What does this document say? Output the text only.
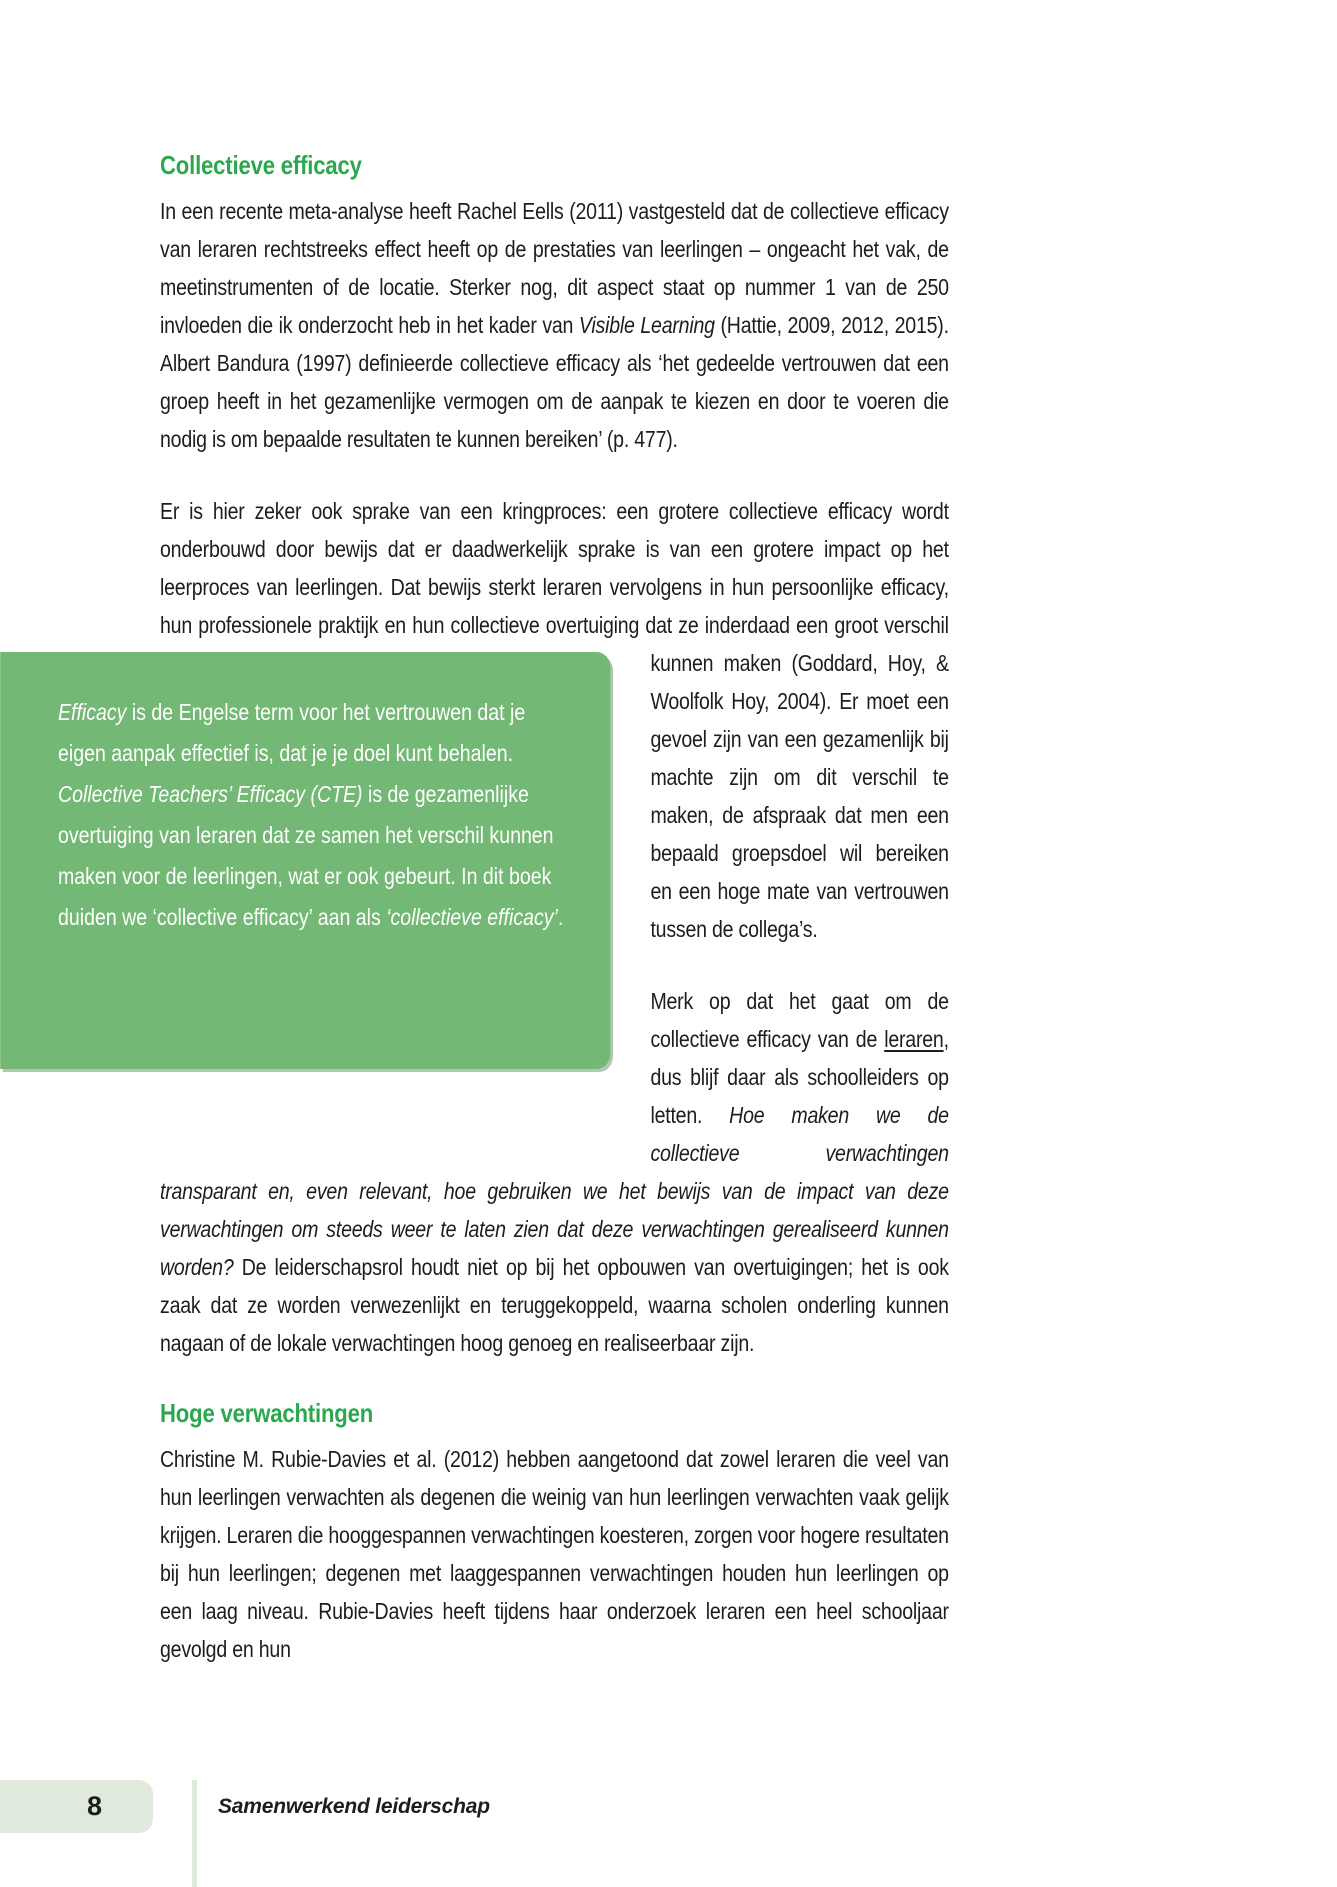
Collectieve efficacy
In een recente meta-analyse heeft Rachel Eells (2011) vastgesteld dat de collectieve efficacy van leraren rechtstreeks effect heeft op de prestaties van leerlingen – ongeacht het vak, de meetinstrumenten of de locatie. Sterker nog, dit aspect staat op nummer 1 van de 250 invloeden die ik onderzocht heb in het kader van Visible Learning (Hattie, 2009, 2012, 2015). Albert Bandura (1997) definieerde collectieve efficacy als ‘het gedeelde vertrouwen dat een groep heeft in het gezamenlijke vermogen om de aanpak te kiezen en door te voeren die nodig is om bepaalde resultaten te kunnen bereiken’ (p. 477).
Er is hier zeker ook sprake van een kringproces: een grotere collectieve efficacy wordt onderbouwd door bewijs dat er daadwerkelijk sprake is van een grotere impact op het leerproces van leerlingen. Dat bewijs sterkt leraren vervolgens in hun persoonlijke efficacy, hun professionele praktijk en hun collectieve
Efficacy is de Engelse term voor het vertrouwen dat je eigen aanpak effectief is, dat je je doel kunt behalen.
Collective Teachers’ Efficacy (CTE) is de gezamenlijke overtuiging van leraren dat ze samen het verschil kunnen maken voor de leerlingen, wat er ook gebeurt. In dit boek duiden we ‘collective efficacy’ aan als ‘collectieve efficacy’.
overtuiging dat ze inderdaad een groot verschil kunnen maken (Goddard, Hoy, & Woolfolk Hoy, 2004). Er moet een gevoel zijn van een gezamenlijk bij machte zijn om dit verschil te maken, de afspraak dat men een bepaald groepsdoel wil bereiken en een hoge mate van vertrouwen tussen de collega’s.
Merk op dat het gaat om de collectieve efficacy van de leraren, dus blijf daar als schoolleiders op letten. Hoe maken we de collectieve verwachtingen transparant en, even relevant, hoe gebruiken we het bewijs van de impact van deze verwachtingen om steeds weer te laten zien dat deze verwachtingen gerealiseerd kunnen worden? De leiderschapsrol houdt niet op bij het opbouwen van overtuigingen; het is ook zaak dat ze worden verwezenlijkt en teruggekoppeld, waarna scholen onderling kunnen nagaan of de lokale verwachtingen hoog genoeg en realiseerbaar zijn.
Hoge verwachtingen
Christine M. Rubie-Davies et al. (2012) hebben aangetoond dat zowel leraren die veel van hun leerlingen verwachten als degenen die weinig van hun leerlingen verwachten vaak gelijk krijgen. Leraren die hooggespannen verwachtingen koesteren, zorgen voor hogere resultaten bij hun leerlingen; degenen met laaggespannen verwachtingen houden hun leerlingen op een laag niveau. Rubie-Davies heeft tijdens haar onderzoek leraren een heel schooljaar gevolgd en hun
8	Samenwerkend leiderschap
